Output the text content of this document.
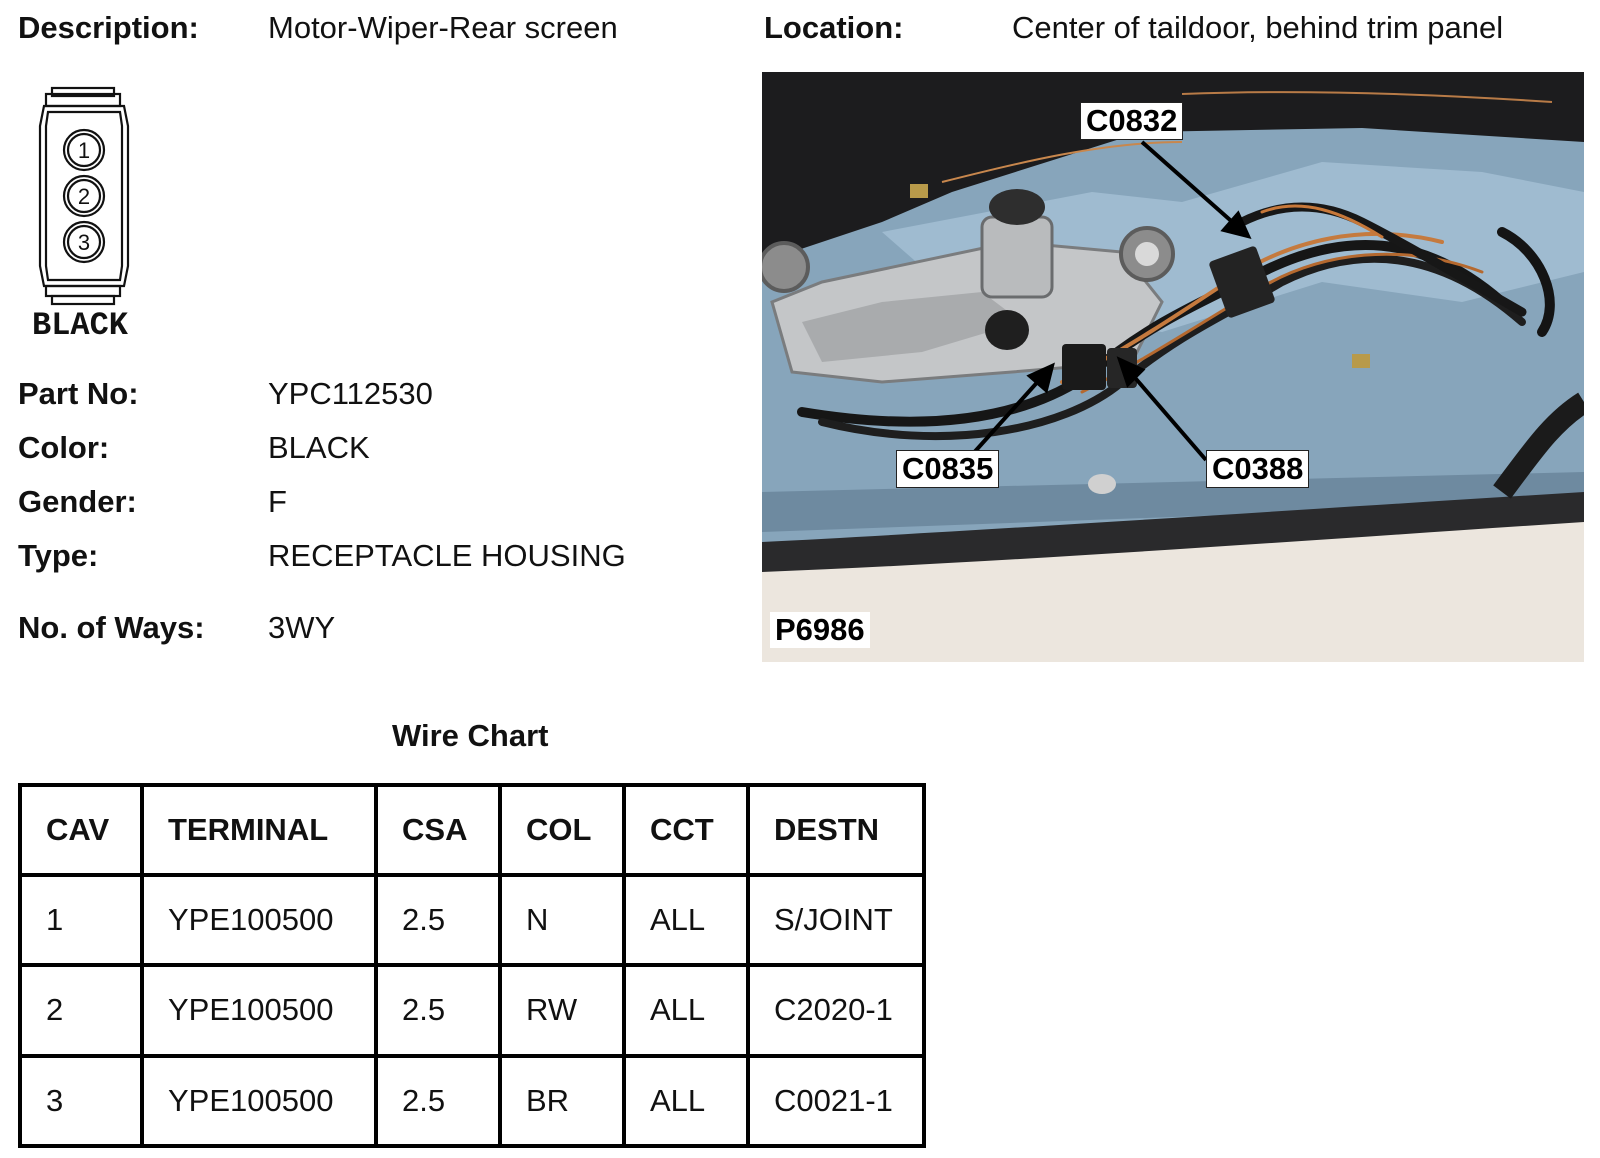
Description: Motor-Wiper-Rear screen	Location:	Center of taildoor, behind trim panel
1
2
3
BLACK
Part No:	YPC112530
Color:	BLACK
Gender:	F
Type:	RECEPTACLE HOUSING
No. of Ways: 3WY
C0832
C0835	C0388
P6986
Wire Chart
CAV	TERMINAL	CSA	COL	CCT	DESTN
1	YPE100500	2.5	N	ALL	S/JOINT
2	YPE100500	2.5	RW	ALL	C2020-1
3	YPE100500	2.5	BR	ALL	C0021-1
